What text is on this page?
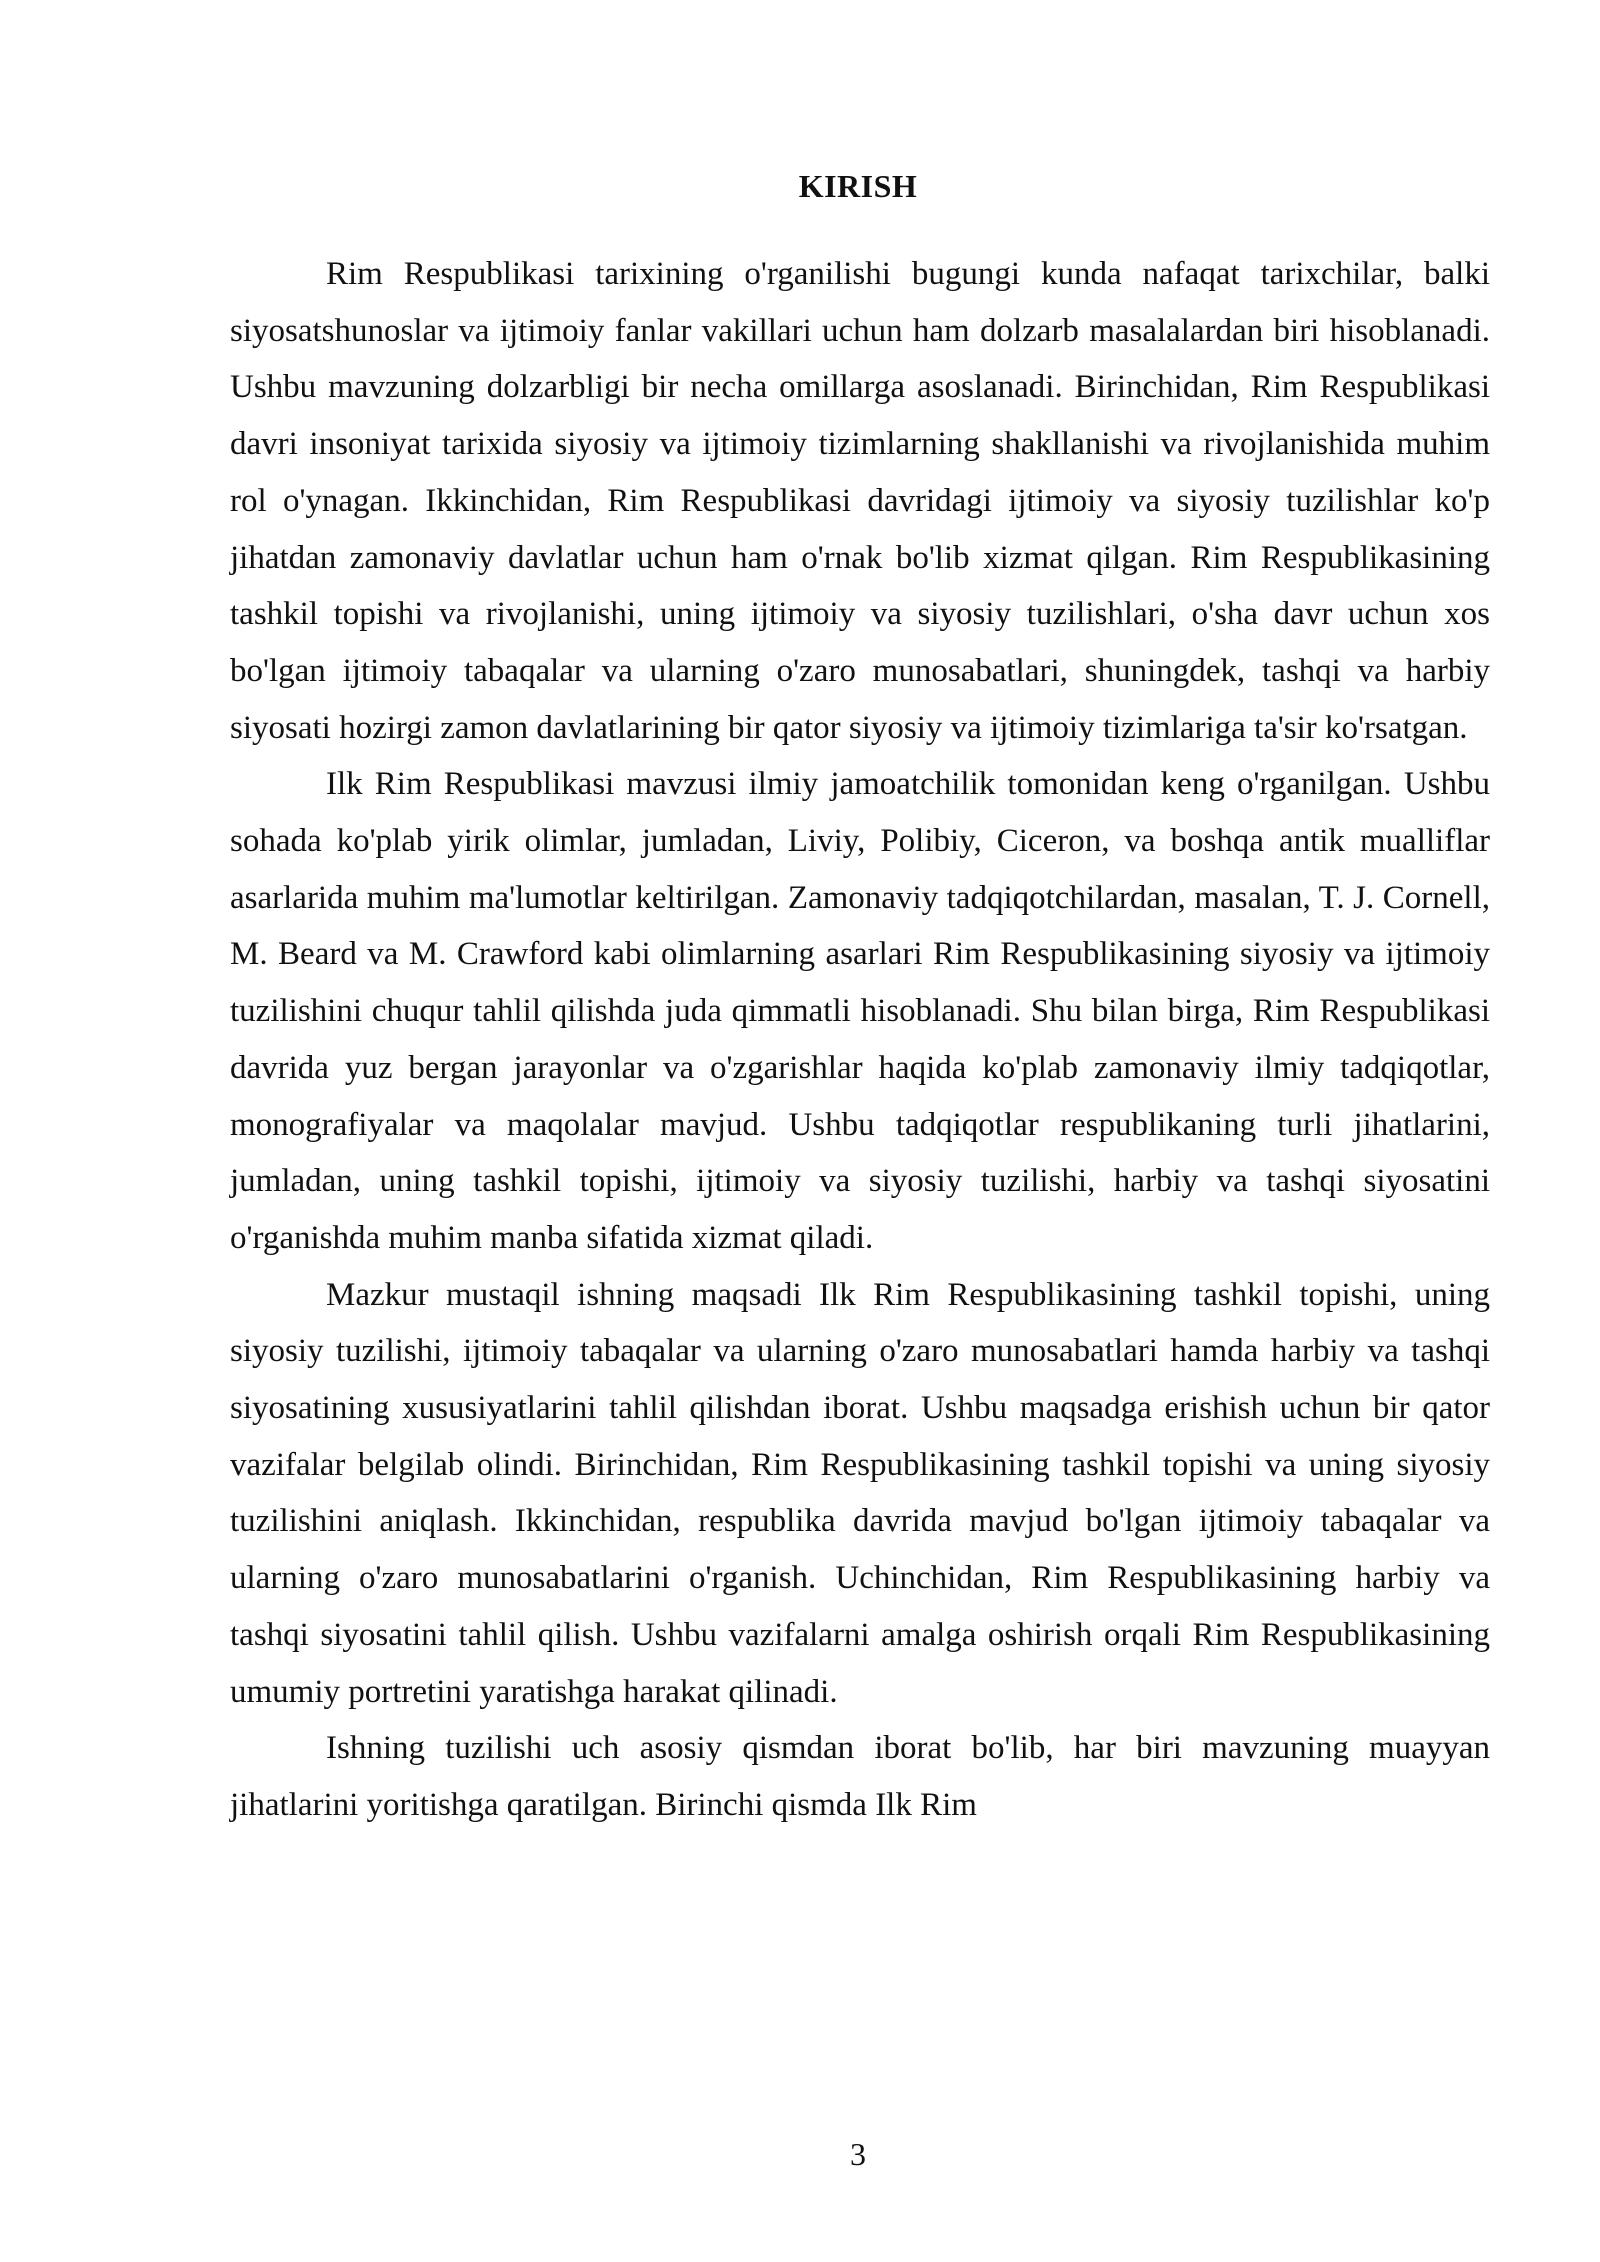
KIRISH

Rim Respublikasi tarixining o'rganilishi bugungi kunda nafaqat tarixchilar, balki siyosatshunoslar va ijtimoiy fanlar vakillari uchun ham dolzarb masalalardan biri hisoblanadi. Ushbu mavzuning dolzarbligi bir necha omillarga asoslanadi. Birinchidan, Rim Respublikasi davri insoniyat tarixida siyosiy va ijtimoiy tizimlarning shakllanishi va rivojlanishida muhim rol o'ynagan. Ikkinchidan, Rim Respublikasi davridagi ijtimoiy va siyosiy tuzilishlar ko'p jihatdan zamonaviy davlatlar uchun ham o'rnak bo'lib xizmat qilgan. Rim Respublikasining tashkil topishi va rivojlanishi, uning ijtimoiy va siyosiy tuzilishlari, o'sha davr uchun xos bo'lgan ijtimoiy tabaqalar va ularning o'zaro munosabatlari, shuningdek, tashqi va harbiy siyosati hozirgi zamon davlatlarining bir qator siyosiy va ijtimoiy tizimlariga ta'sir ko'rsatgan.

Ilk Rim Respublikasi mavzusi ilmiy jamoatchilik tomonidan keng o'rganilgan. Ushbu sohada ko'plab yirik olimlar, jumladan, Liviy, Polibiy, Ciceron, va boshqa antik mualliflar asarlarida muhim ma'lumotlar keltirilgan. Zamonaviy tadqiqotchilardan, masalan, T. J. Cornell, M. Beard va M. Crawford kabi olimlarning asarlari Rim Respublikasining siyosiy va ijtimoiy tuzilishini chuqur tahlil qilishda juda qimmatli hisoblanadi. Shu bilan birga, Rim Respublikasi davrida yuz bergan jarayonlar va o'zgarishlar haqida ko'plab zamonaviy ilmiy tadqiqotlar, monografiyalar va maqolalar mavjud. Ushbu tadqiqotlar respublikaning turli jihatlarini, jumladan, uning tashkil topishi, ijtimoiy va siyosiy tuzilishi, harbiy va tashqi siyosatini o'rganishda muhim manba sifatida xizmat qiladi.

Mazkur mustaqil ishning maqsadi Ilk Rim Respublikasining tashkil topishi, uning siyosiy tuzilishi, ijtimoiy tabaqalar va ularning o'zaro munosabatlari hamda harbiy va tashqi siyosatining xususiyatlarini tahlil qilishdan iborat. Ushbu maqsadga erishish uchun bir qator vazifalar belgilab olindi. Birinchidan, Rim Respublikasining tashkil topishi va uning siyosiy tuzilishini aniqlash. Ikkinchidan, respublika davrida mavjud bo'lgan ijtimoiy tabaqalar va ularning o'zaro munosabatlarini o'rganish. Uchinchidan, Rim Respublikasining harbiy va tashqi siyosatini tahlil qilish. Ushbu vazifalarni amalga oshirish orqali Rim Respublikasining umumiy portretini yaratishga harakat qilinadi.

Ishning tuzilishi uch asosiy qismdan iborat bo'lib, har biri mavzuning muayyan jihatlarini yoritishga qaratilgan. Birinchi qismda Ilk Rim

3
